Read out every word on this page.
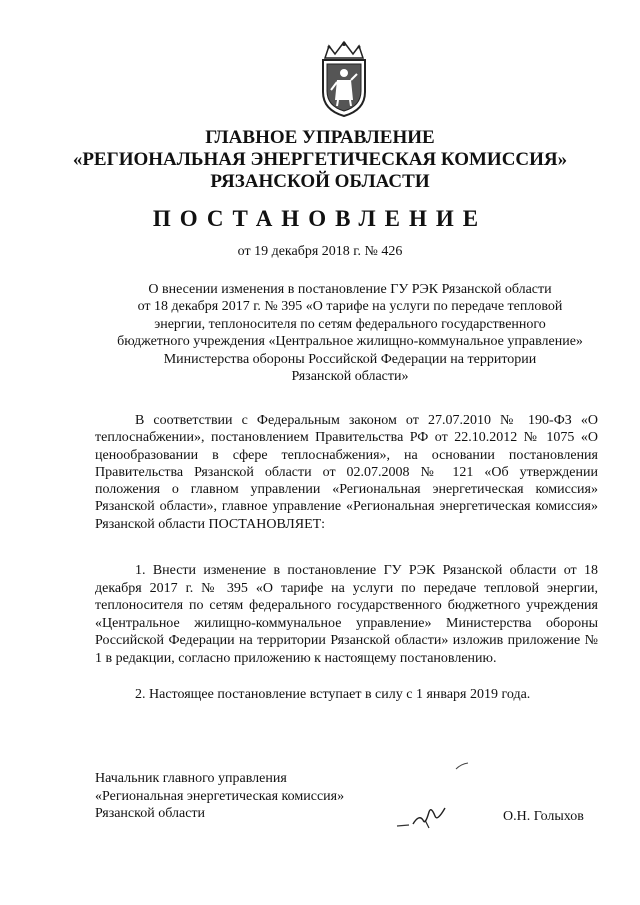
ГЛАВНОЕ УПРАВЛЕНИЕ
«РЕГИОНАЛЬНАЯ ЭНЕРГЕТИЧЕСКАЯ КОМИССИЯ»
РЯЗАНСКОЙ ОБЛАСТИ
ПОСТАНОВЛЕНИЕ
от 19 декабря 2018 г. № 426
О внесении изменения в постановление ГУ РЭК Рязанской области
от 18 декабря 2017 г. № 395 «О тарифе на услуги по передаче тепловой
энергии, теплоносителя по сетям федерального государственного
бюджетного учреждения «Центральное жилищно-коммунальное управление»
Министерства обороны Российской Федерации на территории
Рязанской области»
В соответствии с Федеральным законом от 27.07.2010 № 190-ФЗ «О теплоснабжении», постановлением Правительства РФ от 22.10.2012 № 1075 «О ценообразовании в сфере теплоснабжения», на основании постановления Правительства Рязанской области от 02.07.2008 № 121 «Об утверждении положения о главном управлении «Региональная энергетическая комиссия» Рязанской области», главное управление «Региональная энергетическая комиссия» Рязанской области ПОСТАНОВЛЯЕТ:
1. Внести изменение в постановление ГУ РЭК Рязанской области от 18 декабря 2017 г. № 395 «О тарифе на услуги по передаче тепловой энергии, теплоносителя по сетям федерального государственного бюджетного учреждения «Центральное жилищно-коммунальное управление» Министерства обороны Российской Федерации на территории Рязанской области» изложив приложение № 1 в редакции, согласно приложению к настоящему постановлению.
2. Настоящее постановление вступает в силу с 1 января 2019 года.
Начальник главного управления
«Региональная энергетическая комиссия»
Рязанской области	О.Н. Голыхов
